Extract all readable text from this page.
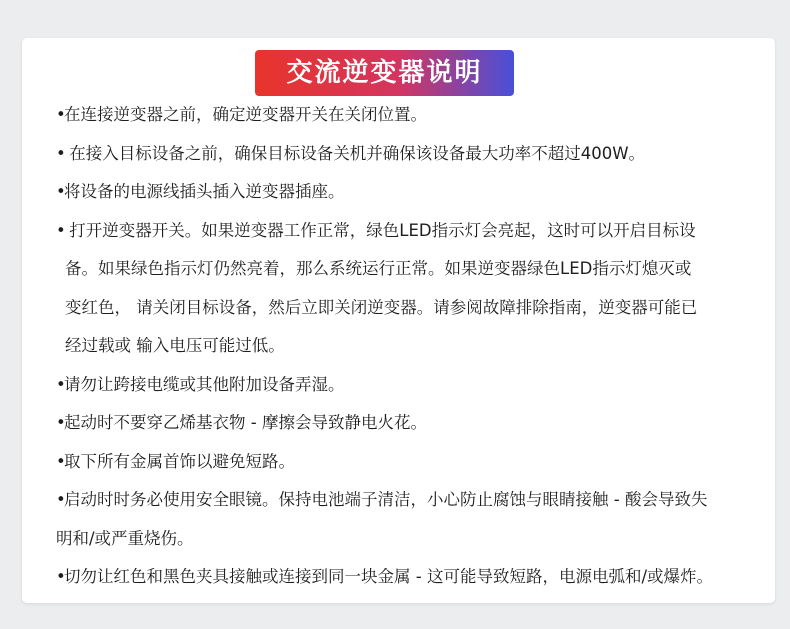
交流逆变器说明
•在连接逆变器之前，确定逆变器开关在关闭位置。
• 在接入目标设备之前，确保目标设备关机并确保该设备最大功率不超过400W。
•将设备的电源线插头插入逆变器插座。
• 打开逆变器开关。如果逆变器工作正常，绿色LED指示灯会亮起，这时可以开启目标设
备。如果绿色指示灯仍然亮着，那么系统运行正常。如果逆变器绿色LED指示灯熄灭或
变红色， 请关闭目标设备，然后立即关闭逆变器。请参阅故障排除指南，逆变器可能已
经过载或 输入电压可能过低。
•请勿让跨接电缆或其他附加设备弄湿。
•起动时不要穿乙烯基衣物 - 摩擦会导致静电火花。
•取下所有金属首饰以避免短路。
•启动时时务必使用安全眼镜。保持电池端子清洁，小心防止腐蚀与眼睛接触 - 酸会导致失
明和/或严重烧伤。
•切勿让红色和黑色夹具接触或连接到同一块金属 - 这可能导致短路，电源电弧和/或爆炸。
